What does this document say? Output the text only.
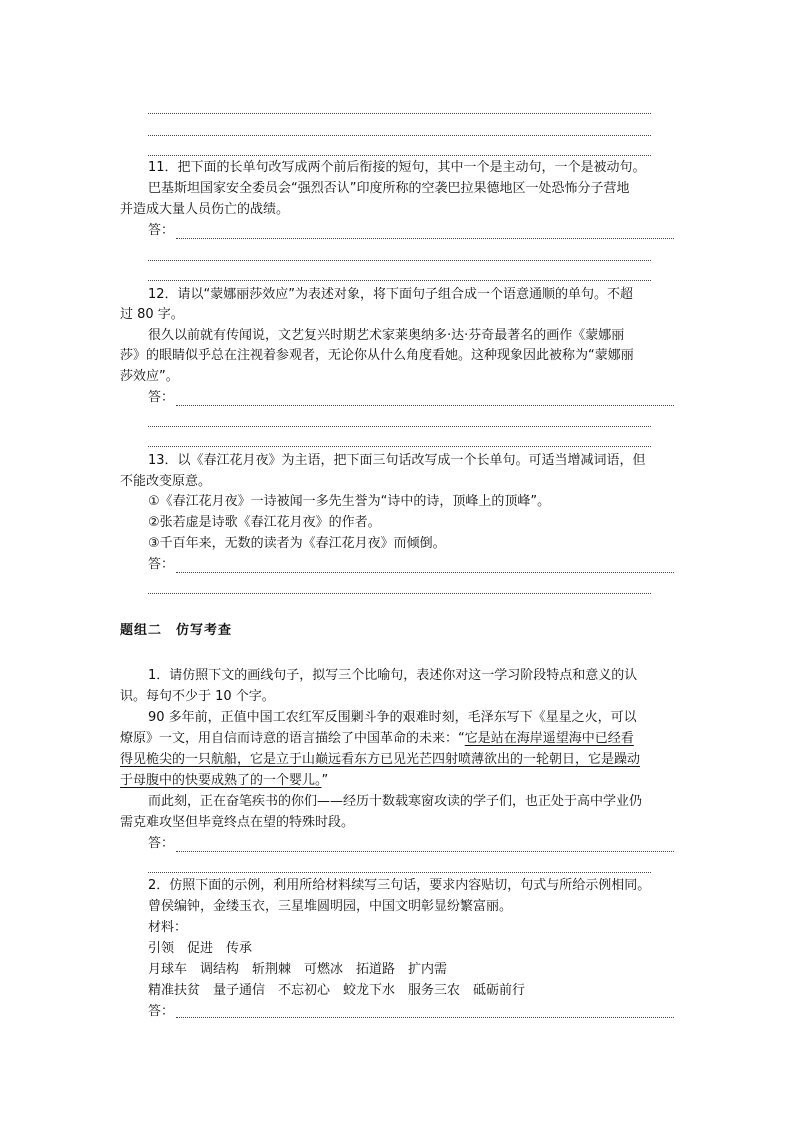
11．把下面的长单句改写成两个前后衔接的短句，其中一个是主动句，一个是被动句。
巴基斯坦国家安全委员会“强烈否认”印度所称的空袭巴拉果德地区一处恐怖分子营地
并造成大量人员伤亡的战绩。
答：
12．请以“蒙娜丽莎效应”为表述对象，将下面句子组合成一个语意通顺的单句。不超
过 80 字。
很久以前就有传闻说，文艺复兴时期艺术家莱奥纳多·达·芬奇最著名的画作《蒙娜丽
莎》的眼睛似乎总在注视着参观者，无论你从什么角度看她。这种现象因此被称为“蒙娜丽
莎效应”。
答：
13．以《春江花月夜》为主语，把下面三句话改写成一个长单句。可适当增减词语，但
不能改变原意。
①《春江花月夜》一诗被闻一多先生誉为“诗中的诗，顶峰上的顶峰”。
②张若虚是诗歌《春江花月夜》的作者。
③千百年来，无数的读者为《春江花月夜》而倾倒。
答：
题组二　仿写考查
1．请仿照下文的画线句子，拟写三个比喻句，表述你对这一学习阶段特点和意义的认
识。每句不少于 10 个字。
90 多年前，正值中国工农红军反围剿斗争的艰难时刻，毛泽东写下《星星之火，可以
燎原》一文，用自信而诗意的语言描绘了中国革命的未来：“它是站在海岸遥望海中已经看
得见桅尖的一只航船，它是立于山巅远看东方已见光芒四射喷薄欲出的一轮朝日，它是躁动
于母腹中的快要成熟了的一个婴儿。”
而此刻，正在奋笔疾书的你们——经历十数载寒窗攻读的学子们，也正处于高中学业仍
需克难攻坚但毕竟终点在望的特殊时段。
答：
2．仿照下面的示例，利用所给材料续写三句话，要求内容贴切，句式与所给示例相同。
曾侯编钟，金缕玉衣，三星堆圆明园，中国文明彰显纷繁富丽。
材料：
引领　促进　传承
月球车　调结构　斩荆棘　可燃冰　拓道路　扩内需
精准扶贫　量子通信　不忘初心　蛟龙下水　服务三农　砥砺前行
答：
